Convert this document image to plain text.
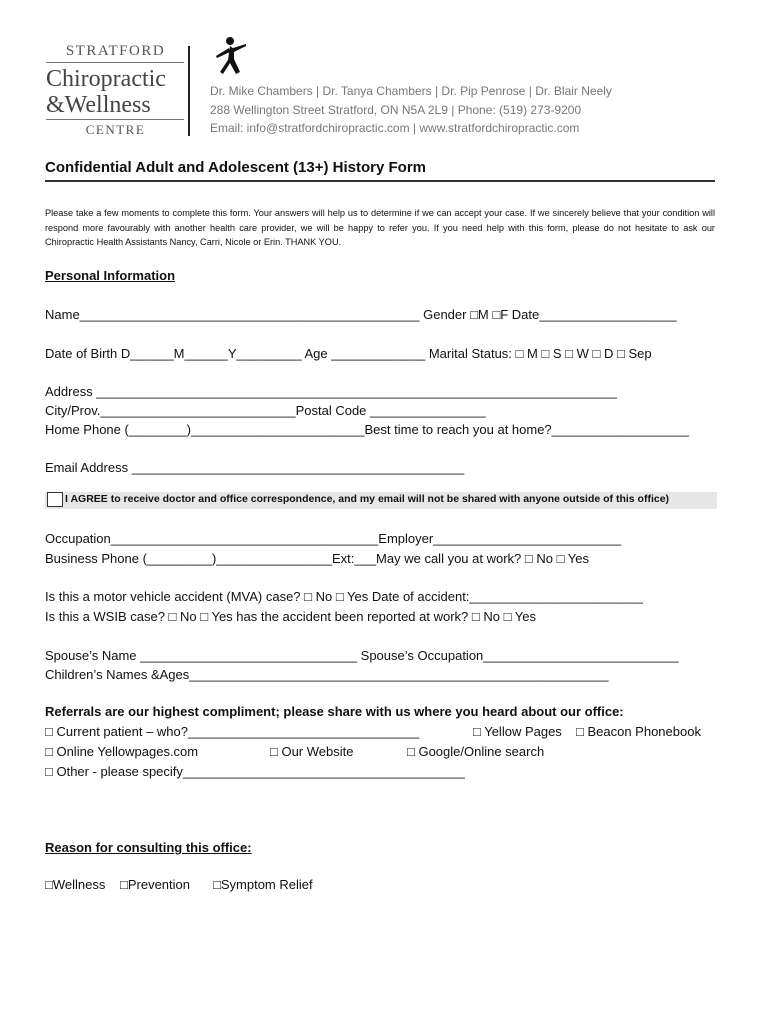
STRATFORD
Chiropractic
&Wellness
CENTRE
Dr. Mike Chambers | Dr. Tanya Chambers | Dr. Pip Penrose | Dr. Blair Neely
288 Wellington Street Stratford, ON N5A 2L9 | Phone: (519) 273-9200
Email: info@stratfordchiropractic.com | www.stratfordchiropractic.com
Confidential Adult and Adolescent (13+) History Form
Please take a few moments to complete this form. Your answers will help us to determine if we can accept your case. If we sincerely believe that your condition will respond more favourably with another health care provider, we will be happy to refer you. If you need help with this form, please do not hesitate to ask our Chiropractic Health Assistants Nancy, Carri, Nicole or Erin. THANK YOU.
Personal Information
Name_______________________________________________ Gender □M □F Date___________________
Date of Birth D______M______Y_________ Age _____________ Marital Status: □ M □ S □ W □ D □ Sep
Address ________________________________________________________________________
City/Prov.___________________________Postal Code ________________
Home Phone (________)________________________Best time to reach you at home?___________________
Email Address ______________________________________________
I AGREE to receive doctor and office correspondence, and my email will not be shared with anyone outside of this office)
Occupation_____________________________________Employer__________________________
Business Phone (_________)________________Ext:___May we call you at work? □ No □ Yes
Is this a motor vehicle accident (MVA) case? □ No □ Yes Date of accident:________________________
Is this a WSIB case? □ No □ Yes has the accident been reported at work? □ No □ Yes
Spouse’s Name ______________________________ Spouse’s Occupation___________________________
Children’s Names &Ages__________________________________________________________
Referrals are our highest compliment; please share with us where you heard about our office:
□ Current patient – who?________________________________	□ Yellow Pages □ Beacon Phonebook
□ Online Yellowpages.com	□ Our Website	□ Google/Online search
□ Other - please specify_______________________________________
Reason for consulting this office:
□Wellness □Prevention □Symptom Relief
